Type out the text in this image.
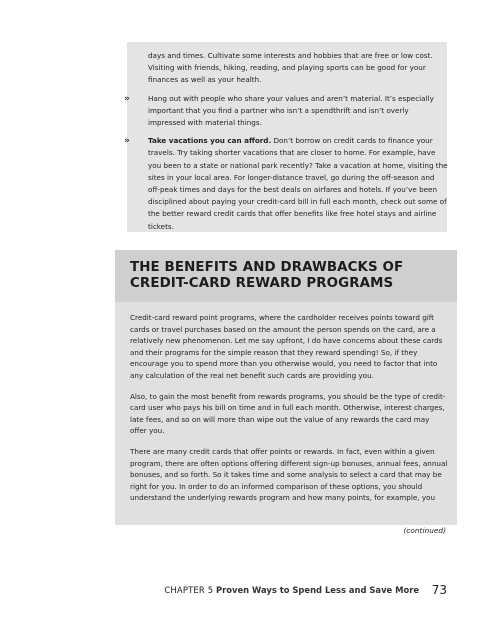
days and times. Cultivate some interests and hobbies that are free or low cost. Visiting with friends, hiking, reading, and playing sports can be good for your finances as well as your health.

»	Hang out with people who share your values and aren’t material. It’s especially important that you find a partner who isn’t a spendthrift and isn’t overly impressed with material things.
»	Take vacations you can afford. Don’t borrow on credit cards to finance your travels. Try taking shorter vacations that are closer to home. For example, have you been to a state or national park recently? Take a vacation at home, visiting the sites in your local area. For longer-distance travel, go during the off-season and off-peak times and days for the best deals on airfares and hotels. If you’ve been disciplined about paying your credit-card bill in full each month, check out some of the better reward credit cards that offer benefits like free hotel stays and airline tickets.
THE BENEFITS AND DRAWBACKS OF
CREDIT-CARD REWARD PROGRAMS

Credit-card reward point programs, where the cardholder receives points toward gift cards or travel purchases based on the amount the person spends on the card, are a relatively new phenomenon. Let me say upfront, I do have concerns about these cards and their programs for the simple reason that they reward spending! So, if they encourage you to spend more than you otherwise would, you need to factor that into any calculation of the real net benefit such cards are providing you.

Also, to gain the most benefit from rewards programs, you should be the type of credit-card user who pays his bill on time and in full each month. Otherwise, interest charges, late fees, and so on will more than wipe out the value of any rewards the card may offer you.

There are many credit cards that offer points or rewards. In fact, even within a given program, there are often options offering different sign-up bonuses, annual fees, annual bonuses, and so forth. So it takes time and some analysis to select a card that may be right for you. In order to do an informed comparison of these options, you should understand the underlying rewards program and how many points, for example, you

(continued)
CHAPTER 5 Proven Ways to Spend Less and Save More 73
